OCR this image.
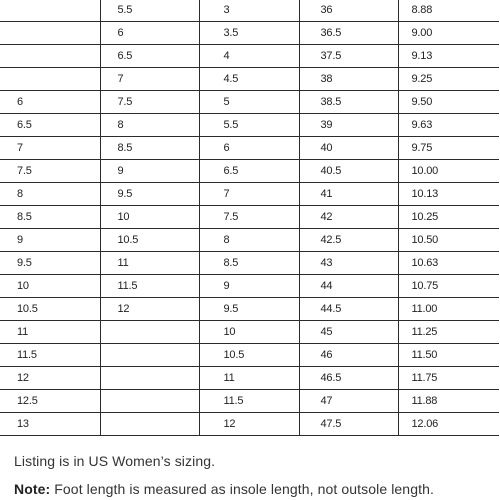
	5.5	3	36	8.88
	6	3.5	36.5	9.00
	6.5	4	37.5	9.13
	7	4.5	38	9.25
6	7.5	5	38.5	9.50
6.5	8	5.5	39	9.63
7	8.5	6	40	9.75
7.5	9	6.5	40.5	10.00
8	9.5	7	41	10.13
8.5	10	7.5	42	10.25
9	10.5	8	42.5	10.50
9.5	11	8.5	43	10.63
10	11.5	9	44	10.75
10.5	12	9.5	44.5	11.00
11		10	45	11.25
11.5		10.5	46	11.50
12		11	46.5	11.75
12.5		11.5	47	11.88
13		12	47.5	12.06
Listing is in US Women’s sizing.
Note: Foot length is measured as insole length, not outsole length.
